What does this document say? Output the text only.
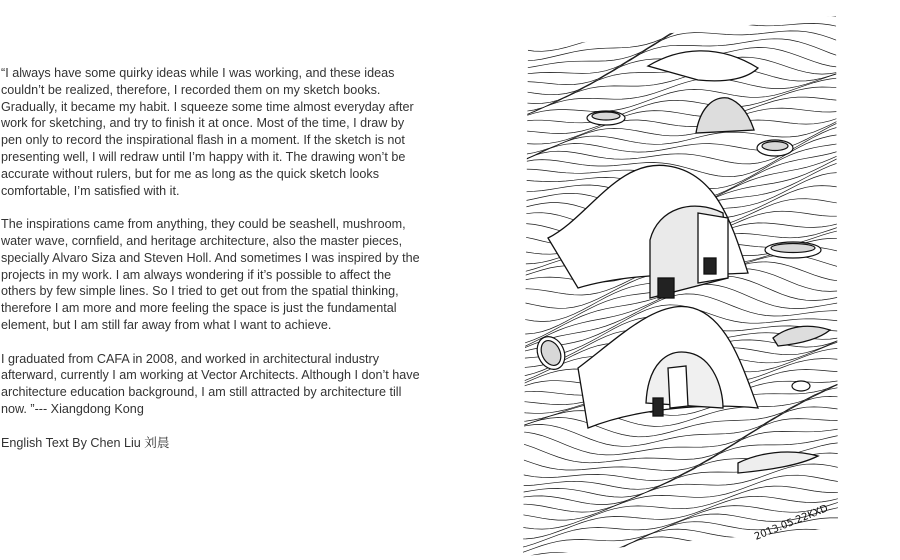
“I always have some quirky ideas while I was working, and these ideas couldn’t be realized, therefore, I recorded them on my sketch books. Gradually, it became my habit. I squeeze some time almost everyday after work for sketching, and try to finish it at once. Most of the time, I draw by pen only to record the inspirational flash in a moment. If the sketch is not presenting well, I will redraw until I’m happy with it. The drawing won’t be accurate without rulers, but for me as long as the quick sketch looks comfortable, I’m satisfied with it.

The inspirations came from anything, they could be seashell, mushroom, water wave, cornfield, and heritage architecture, also the master pieces, specially Alvaro Siza and Steven Holl. And sometimes I was inspired by the projects in my work. I am always wondering if it’s possible to affect the others by few simple lines. So I tried to get out from the spatial thinking, therefore I am more and more feeling the space is just the fundamental element, but I am still far away from what I want to achieve.

I graduated from CAFA in 2008, and worked in architectural industry afterward, currently I am working at Vector Architects. Although I don’t have architecture education background, I am still attracted by architecture till now. ”--- Xiangdong Kong

English Text By Chen Liu 刘晨

2013.05.22KXD
